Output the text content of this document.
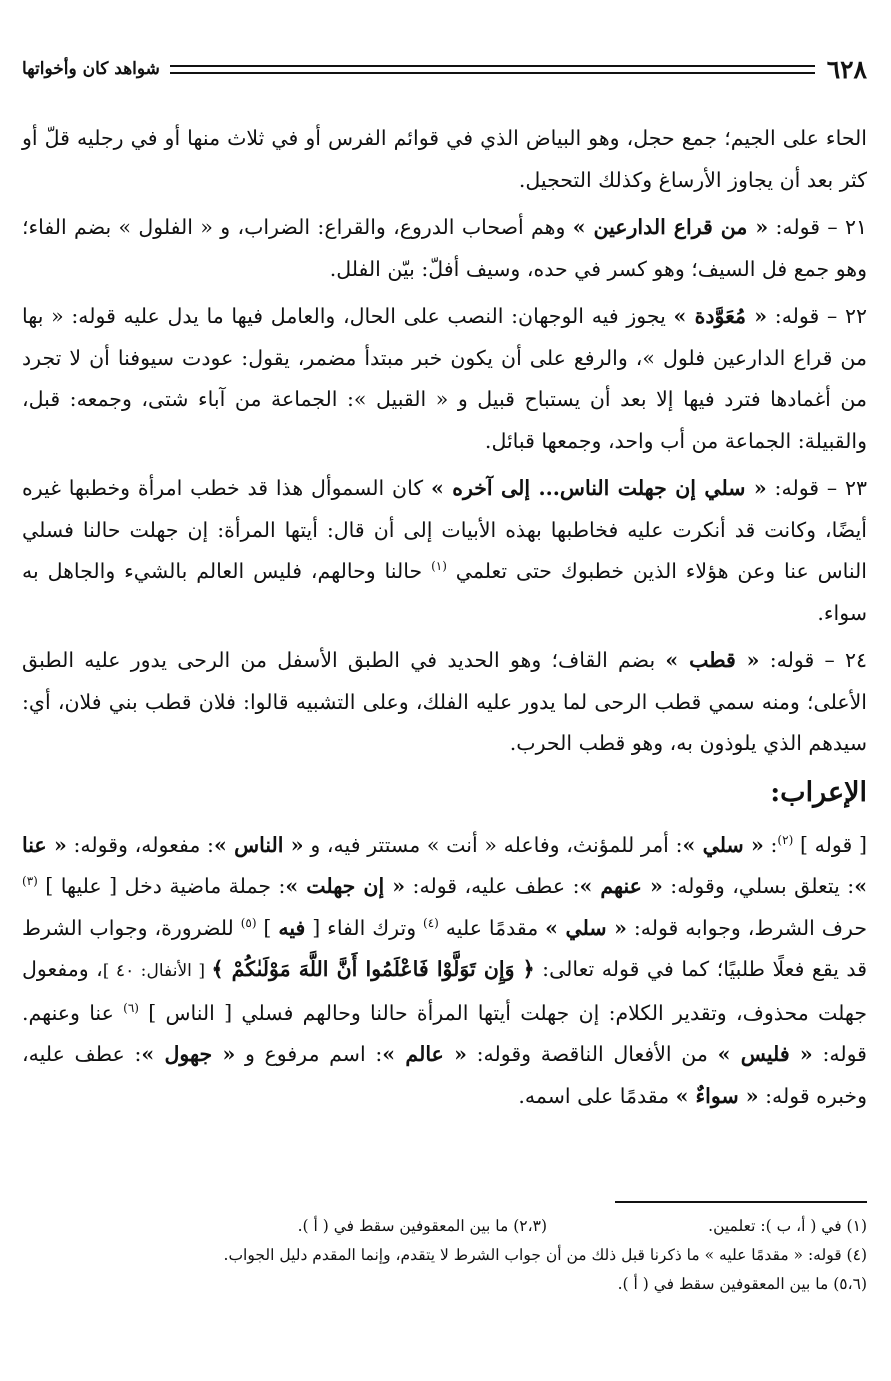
٦٢٨
شواهد كان وأخواتها

الحاء على الجيم؛ جمع حجل، وهو البياض الذي في قوائم الفرس أو في ثلاث منها أو في رجليه قلّ أو كثر بعد أن يجاوز الأرساغ وكذلك التحجيل.

٢١ – قوله: « من قراع الدارعين » وهم أصحاب الدروع، والقراع: الضراب، و « الفلول » بضم الفاء؛ وهو جمع فل السيف؛ وهو كسر في حده، وسيف أفلّ: بيّن الفلل.

٢٢ – قوله: « مُعَوَّدة » يجوز فيه الوجهان: النصب على الحال، والعامل فيها ما يدل عليه قوله: « بها من قراع الدارعين فلول »، والرفع على أن يكون خبر مبتدأ مضمر، يقول: عودت سيوفنا أن لا تجرد من أغمادها فترد فيها إلا بعد أن يستباح قبيل و « القبيل »: الجماعة من آباء شتى، وجمعه: قبل، والقبيلة: الجماعة من أب واحد، وجمعها قبائل.

٢٣ – قوله: « سلي إن جهلت الناس... إلى آخره » كان السموأل هذا قد خطب امرأة وخطبها غيره أيضًا، وكانت قد أنكرت عليه فخاطبها بهذه الأبيات إلى أن قال: أيتها المرأة: إن جهلت حالنا فسلي الناس عنا وعن هؤلاء الذين خطبوك حتى تعلمي $^{(١)}$ حالنا وحالهم، فليس العالم بالشيء والجاهل به سواء.

٢٤ – قوله: « قطب » بضم القاف؛ وهو الحديد في الطبق الأسفل من الرحى يدور عليه الطبق الأعلى؛ ومنه سمي قطب الرحى لما يدور عليه الفلك، وعلى التشبيه قالوا: فلان قطب بني فلان، أي: سيدهم الذي يلوذون به، وهو قطب الحرب.

الإعراب:

[ قوله ] $^{(٢)}$: « سلي »: أمر للمؤنث، وفاعله « أنت » مستتر فيه، و « الناس »: مفعوله، وقوله: « عنا »: يتعلق بسلي، وقوله: « عنهم »: عطف عليه، قوله: « إن جهلت »: جملة ماضية دخل [ عليها ] $^{(٣)}$ حرف الشرط، وجوابه قوله: « سلي » مقدمًا عليه $^{(٤)}$ وترك الفاء [ فيه ] $^{(٥)}$ للضرورة، وجواب الشرط قد يقع فعلًا طلبيًا؛ كما في قوله تعالى: ﴿ وَإِن تَوَلَّوْا فَاعْلَمُوا أَنَّ اللَّهَ مَوْلَىٰكُمْ ﴾ [ الأنفال: ٤٠ ]، ومفعول جهلت محذوف، وتقدير الكلام: إن جهلت أيتها المرأة حالنا وحالهم فسلي [ الناس ] $^{(٦)}$ عنا وعنهم. قوله: « فليس » من الأفعال الناقصة وقوله: « عالم »: اسم مرفوع و « جهول »: عطف عليه، وخبره قوله: « سواءٌ » مقدمًا على اسمه.

(١) في ( أ، ب ): تعلمين.
(٢،٣) ما بين المعقوفين سقط في ( أ ).
(٤) قوله: « مقدمًا عليه » ما ذكرنا قبل ذلك من أن جواب الشرط لا يتقدم، وإنما المقدم دليل الجواب.
(٥،٦) ما بين المعقوفين سقط في ( أ ).
